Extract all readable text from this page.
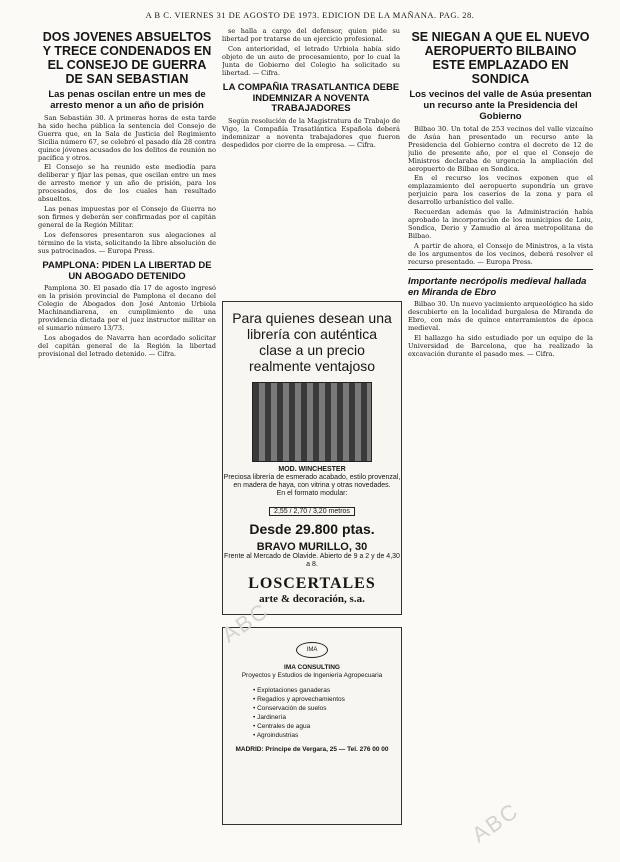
A B C. VIERNES 31 DE AGOSTO DE 1973. EDICION DE LA MAÑANA. PAG. 28.
DOS JOVENES ABSUELTOS Y TRECE CONDENADOS EN EL CONSEJO DE GUERRA DE SAN SEBASTIAN
Las penas oscilan entre un mes de arresto menor a un año de prisión

San Sebastián 30. A primeras horas de esta tarde ha sido hecha pública la sentencia del Consejo de Guerra que, en la Sala de Justicia del Regimiento Sicilia número 67, se celebró el pasado día 28 contra quince jóvenes acusados de los delitos de reunión no pacífica y otros.

El Consejo se ha reunido este mediodía para deliberar y fijar las penas, que oscilan entre un mes de arresto menor y un año de prisión, para los procesados, dos de los cuales han resultado absueltos.

Las penas impuestas por el Consejo de Guerra no son firmes y deberán ser confirmadas por el capitán general de la Región Militar.

Los defensores presentaron sus alegaciones al término de la vista, solicitando la libre absolución de sus patrocinados. — Europa Press.

PAMPLONA: PIDEN LA LIBERTAD DE UN ABOGADO DETENIDO

Pamplona 30. El pasado día 17 de agosto ingresó en la prisión provincial de Pamplona el decano del Colegio de Abogados don José Antonio Urbiola Machinandiarena, en cumplimiento de una providencia dictada por el juez instructor militar en el sumario número 13/73.

Los abogados de Navarra han acordado solicitar del capitán general de la Región la libertad provisional del letrado detenido. — Cifra.

se halla a cargo del defensor, quien pide su libertad por tratarse de un ejercicio profesional.

Con anterioridad, el letrado Urbiola había sido objeto de un auto de procesamiento, por lo cual la Junta de Gobierno del Colegio ha solicitado su libertad. — Cifra.

LA COMPAÑIA TRASATLANTICA DEBE INDEMNIZAR A NOVENTA TRABAJADORES

Según resolución de la Magistratura de Trabajo de Vigo, la Compañía Trasatlántica Española deberá indemnizar a noventa trabajadores que fueron despedidos por cierre de la empresa. — Cifra.

Para quienes desean una librería con auténtica clase a un precio realmente ventajoso
MOD. WINCHESTER
Preciosa librería de esmerado acabado, estilo provenzal, en madera de haya, con vitrina y otras novedades.
En el formato modular:
2,55 / 2,70 / 3,20 metros
Desde 29.800 ptas.
BRAVO MURILLO, 30
Frente al Mercado de Olavide. Abierto de 9 a 2 y de 4,30 a 8.
LOSCERTALES
arte & decoración, s.a.
IMA
IMA CONSULTING
Proyectos y Estudios de Ingeniería Agropecuaria
• Explotaciones ganaderas
• Regadíos y aprovechamientos
• Conservación de suelos
• Jardinería
• Centrales de agua
• Agroindustrias
MADRID: Príncipe de Vergara, 25 — Tel. 276 00 00
SE NIEGAN A QUE EL NUEVO AEROPUERTO BILBAINO ESTE EMPLAZADO EN SONDICA
Los vecinos del valle de Asúa presentan un recurso ante la Presidencia del Gobierno

Bilbao 30. Un total de 253 vecinos del valle vizcaíno de Asúa han presentado un recurso ante la Presidencia del Gobierno contra el decreto de 12 de julio de presente año, por el que el Consejo de Ministros declaraba de urgencia la ampliación del aeropuerto de Bilbao en Sondica.

En el recurso los vecinos exponen que el emplazamiento del aeropuerto supondría un grave perjuicio para los caseríos de la zona y para el desarrollo urbanístico del valle.

Recuerdan además que la Administración había aprobado la incorporación de los municipios de Loiu, Sondica, Derio y Zamudio al área metropolitana de Bilbao.

A partir de ahora, el Consejo de Ministros, a la vista de los argumentos de los vecinos, deberá resolver el recurso presentado. — Europa Press.

Importante necrópolis medieval hallada en Miranda de Ebro

Bilbao 30. Un nuevo yacimiento arqueológico ha sido descubierto en la localidad burgalesa de Miranda de Ebro, con más de quince enterramientos de época medieval.

El hallazgo ha sido estudiado por un equipo de la Universidad de Barcelona, que ha realizado la excavación durante el pasado mes. — Cifra.

ABC
ABC
